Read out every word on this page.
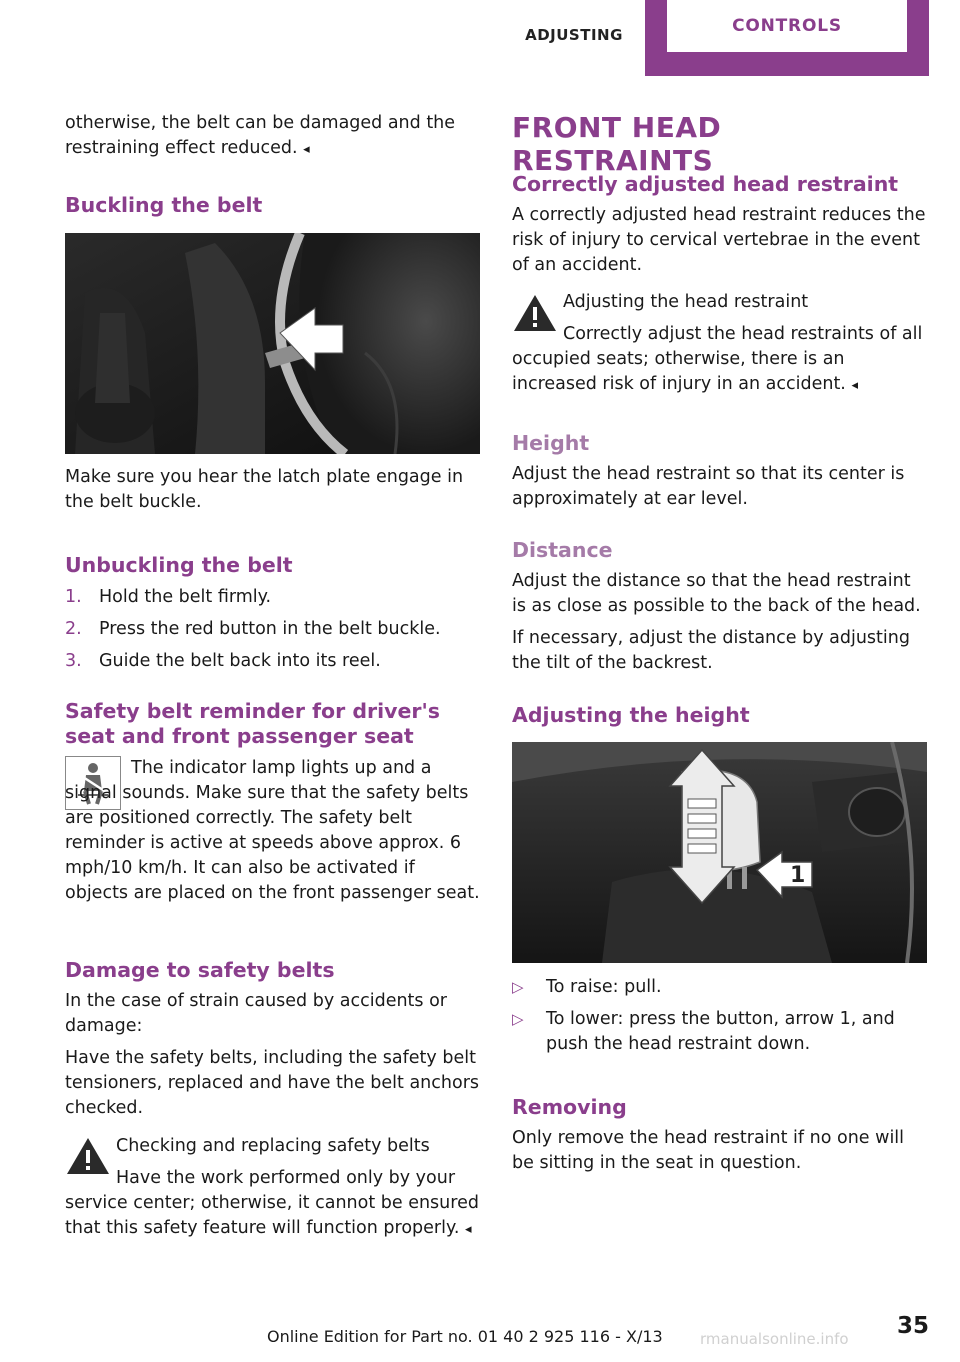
ADJUSTING	CONTROLS

otherwise, the belt can be damaged and the restraining effect reduced. ◂

Buckling the belt

Make sure you hear the latch plate engage in the belt buckle.

Unbuckling the belt
1. Hold the belt firmly.
2. Press the red button in the belt buckle.
3. Guide the belt back into its reel.
Safety belt reminder for driver's seat and front passenger seat

The indicator lamp lights up and a signal sounds. Make sure that the safety belts are positioned correctly. The safety belt reminder is active at speeds above approx. 6 mph/10 km/h. It can also be activated if objects are placed on the front passenger seat.

Damage to safety belts

In the case of strain caused by accidents or damage:

Have the safety belts, including the safety belt tensioners, replaced and have the belt anchors checked.

Checking and replacing safety belts

Have the work performed only by your service center; otherwise, it cannot be ensured that this safety feature will function properly. ◂

FRONT HEAD RESTRAINTS
Correctly adjusted head restraint

A correctly adjusted head restraint reduces the risk of injury to cervical vertebrae in the event of an accident.

Adjusting the head restraint

Correctly adjust the head restraints of all occupied seats; otherwise, there is an increased risk of injury in an accident. ◂

Height

Adjust the head restraint so that its center is approximately at ear level.

Distance

Adjust the distance so that the head restraint is as close as possible to the back of the head.

If necessary, adjust the distance by adjusting the tilt of the backrest.

Adjusting the height
1
▷ To raise: pull.
▷ To lower: press the button, arrow 1, and push the head restraint down.
Removing

Only remove the head restraint if no one will be sitting in the seat in question.

rmanualsonline.info
Online Edition for Part no. 01 40 2 925 116 - X/13	35
